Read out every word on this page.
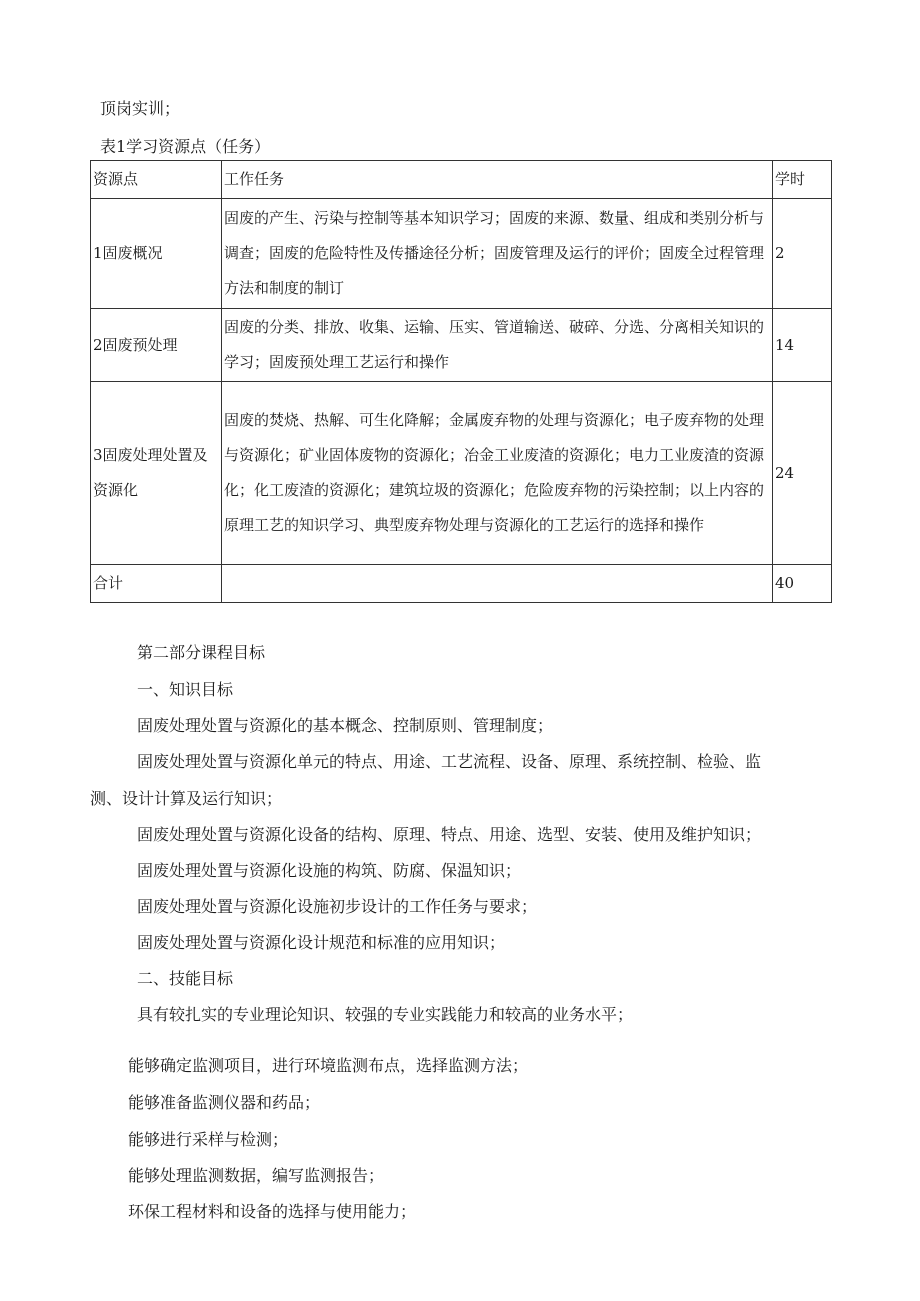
顶岗实训；
表1学习资源点（任务）
资源点	工作任务	学时
1固废概况	固废的产生、污染与控制等基本知识学习；固废的来源、数量、组成和类别分析与调查；固废的危险特性及传播途径分析；固废管理及运行的评价；固废全过程管理方法和制度的制订	2
2固废预处理	固废的分类、排放、收集、运输、压实、管道输送、破碎、分选、分离相关知识的学习；固废预处理工艺运行和操作	14
3固废处理处置及资源化	固废的焚烧、热解、可生化降解；金属废弃物的处理与资源化；电子废弃物的处理与资源化；矿业固体废物的资源化；冶金工业废渣的资源化；电力工业废渣的资源化；化工废渣的资源化；建筑垃圾的资源化；危险废弃物的污染控制；以上内容的原理工艺的知识学习、典型废弃物处理与资源化的工艺运行的选择和操作	24
合计		40
第二部分课程目标
一、知识目标
固废处理处置与资源化的基本概念、控制原则、管理制度；
固废处理处置与资源化单元的特点、用途、工艺流程、设备、原理、系统控制、检验、监
测、设计计算及运行知识；
固废处理处置与资源化设备的结构、原理、特点、用途、选型、安装、使用及维护知识；
固废处理处置与资源化设施的构筑、防腐、保温知识；
固废处理处置与资源化设施初步设计的工作任务与要求；
固废处理处置与资源化设计规范和标准的应用知识；
二、技能目标
具有较扎实的专业理论知识、较强的专业实践能力和较高的业务水平；
能够确定监测项目，进行环境监测布点，选择监测方法；
能够准备监测仪器和药品；
能够进行采样与检测；
能够处理监测数据，编写监测报告；
环保工程材料和设备的选择与使用能力；
